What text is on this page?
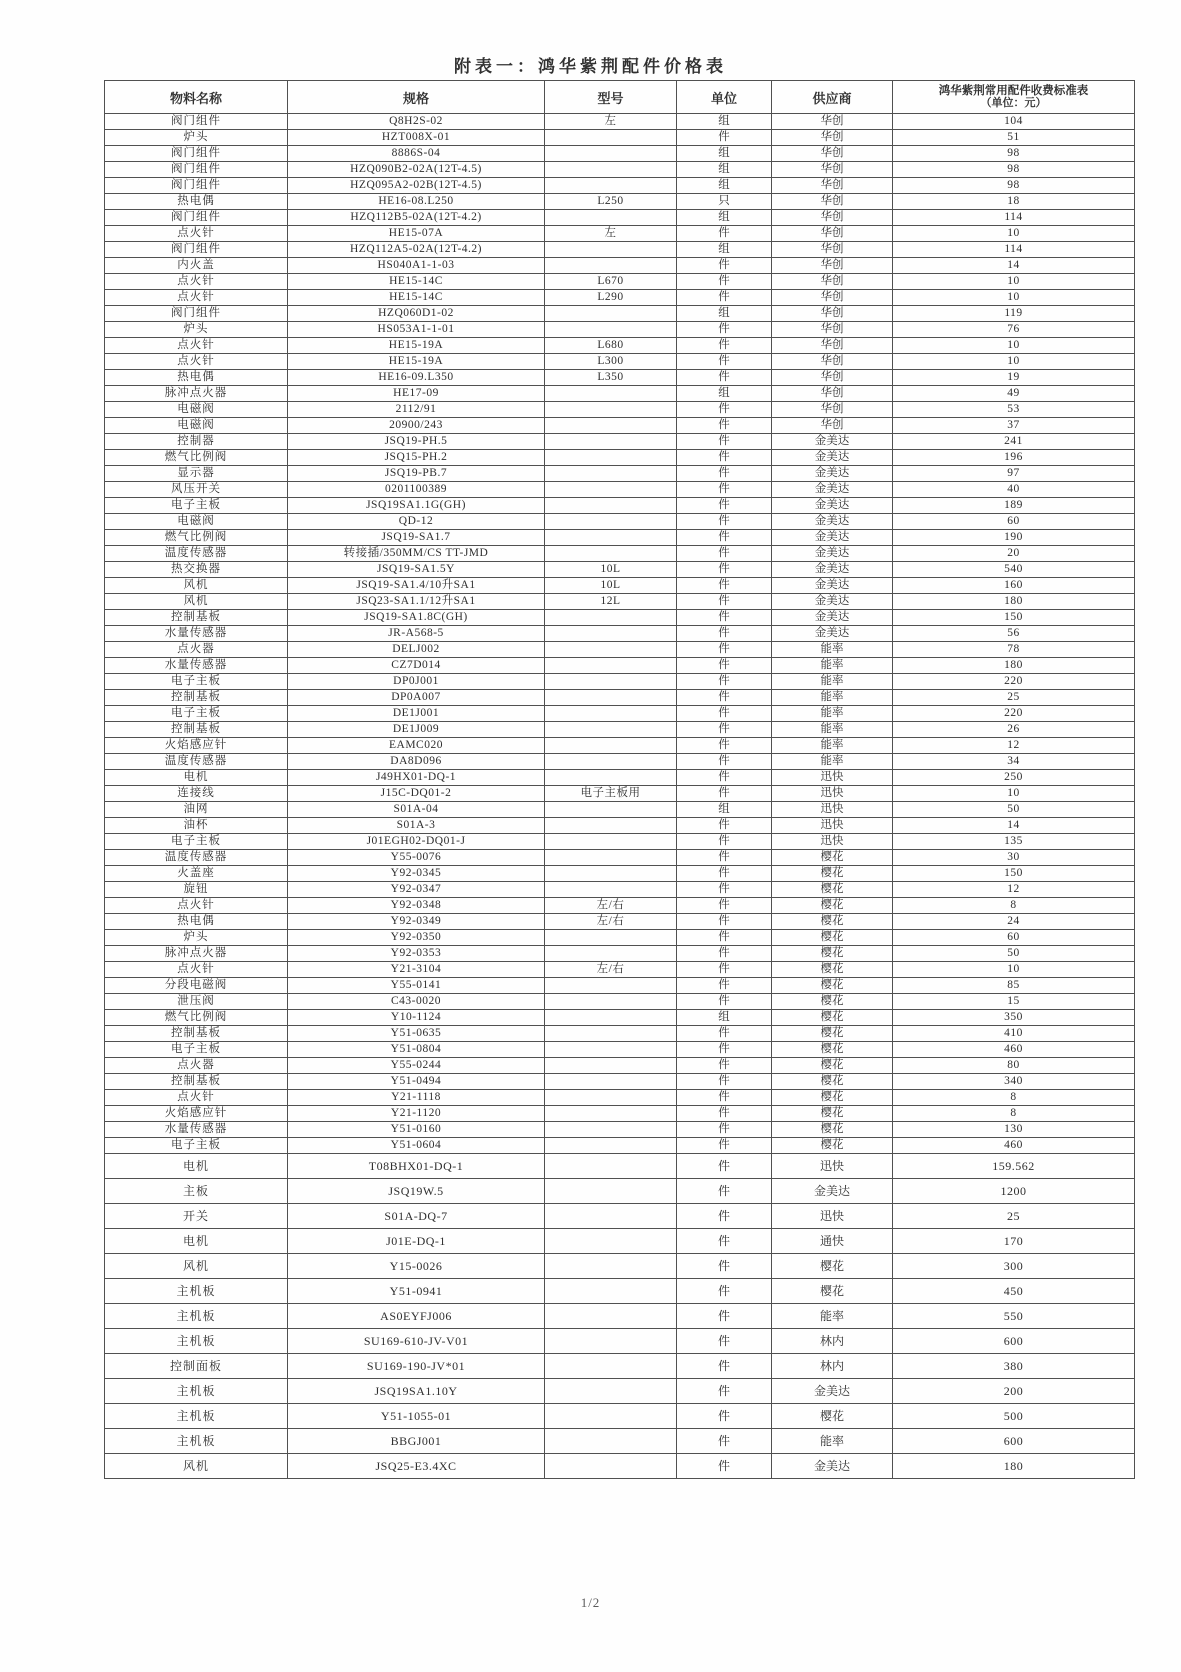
附表一：鸿华紫荆配件价格表
物料名称	规格	型号	单位	供应商	鸿华紫荆常用配件收费标准表
（单位：元）

阀门组件	Q8H2S-02	左	组	华创	104
炉头	HZT008X-01		件	华创	51
阀门组件	8886S-04		组	华创	98
阀门组件	HZQ090B2-02A(12T-4.5)		组	华创	98
阀门组件	HZQ095A2-02B(12T-4.5)		组	华创	98
热电偶	HE16-08.L250	L250	只	华创	18
阀门组件	HZQ112B5-02A(12T-4.2)		组	华创	114
点火针	HE15-07A	左	件	华创	10
阀门组件	HZQ112A5-02A(12T-4.2)		组	华创	114
内火盖	HS040A1-1-03		件	华创	14
点火针	HE15-14C	L670	件	华创	10
点火针	HE15-14C	L290	件	华创	10
阀门组件	HZQ060D1-02		组	华创	119
炉头	HS053A1-1-01		件	华创	76
点火针	HE15-19A	L680	件	华创	10
点火针	HE15-19A	L300	件	华创	10
热电偶	HE16-09.L350	L350	件	华创	19
脉冲点火器	HE17-09		组	华创	49
电磁阀	2112/91		件	华创	53
电磁阀	20900/243		件	华创	37
控制器	JSQ19-PH.5		件	金美达	241
燃气比例阀	JSQ15-PH.2		件	金美达	196
显示器	JSQ19-PB.7		件	金美达	97
风压开关	0201100389		件	金美达	40
电子主板	JSQ19SA1.1G(GH)		件	金美达	189
电磁阀	QD-12		件	金美达	60
燃气比例阀	JSQ19-SA1.7		件	金美达	190
温度传感器	转接插/350MM/CS TT-JMD		件	金美达	20
热交换器	JSQ19-SA1.5Y	10L	件	金美达	540
风机	JSQ19-SA1.4/10升SA1	10L	件	金美达	160
风机	JSQ23-SA1.1/12升SA1	12L	件	金美达	180
控制基板	JSQ19-SA1.8C(GH)		件	金美达	150
水量传感器	JR-A568-5		件	金美达	56
点火器	DELJ002		件	能率	78
水量传感器	CZ7D014		件	能率	180
电子主板	DP0J001		件	能率	220
控制基板	DP0A007		件	能率	25
电子主板	DE1J001		件	能率	220
控制基板	DE1J009		件	能率	26
火焰感应针	EAMC020		件	能率	12
温度传感器	DA8D096		件	能率	34
电机	J49HX01-DQ-1		件	迅快	250
连接线	J15C-DQ01-2	电子主板用	件	迅快	10
油网	S01A-04		组	迅快	50
油杯	S01A-3		件	迅快	14
电子主板	J01EGH02-DQ01-J		件	迅快	135
温度传感器	Y55-0076		件	樱花	30
火盖座	Y92-0345		件	樱花	150
旋钮	Y92-0347		件	樱花	12
点火针	Y92-0348	左/右	件	樱花	8
热电偶	Y92-0349	左/右	件	樱花	24
炉头	Y92-0350		件	樱花	60
脉冲点火器	Y92-0353		件	樱花	50
点火针	Y21-3104	左/右	件	樱花	10
分段电磁阀	Y55-0141		件	樱花	85
泄压阀	C43-0020		件	樱花	15
燃气比例阀	Y10-1124		组	樱花	350
控制基板	Y51-0635		件	樱花	410
电子主板	Y51-0804		件	樱花	460
点火器	Y55-0244		件	樱花	80
控制基板	Y51-0494		件	樱花	340
点火针	Y21-1118		件	樱花	8
火焰感应针	Y21-1120		件	樱花	8
水量传感器	Y51-0160		件	樱花	130
电子主板	Y51-0604		件	樱花	460
电机	T08BHX01-DQ-1		件	迅快	159.562
主板	JSQ19W.5		件	金美达	1200
开关	S01A-DQ-7		件	迅快	25
电机	J01E-DQ-1		件	通快	170
风机	Y15-0026		件	樱花	300
主机板	Y51-0941		件	樱花	450
主机板	AS0EYFJ006		件	能率	550
主机板	SU169-610-JV-V01		件	林内	600
控制面板	SU169-190-JV*01		件	林内	380
主机板	JSQ19SA1.10Y		件	金美达	200
主机板	Y51-1055-01		件	樱花	500
主机板	BBGJ001		件	能率	600
风机	JSQ25-E3.4XC		件	金美达	180
1/2
